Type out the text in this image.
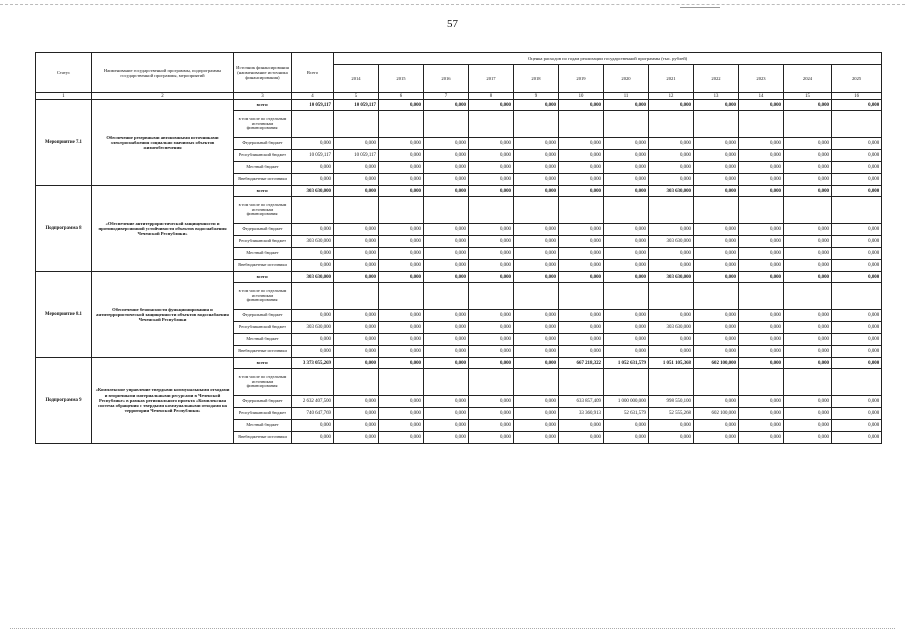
57
Статус	Наименование государственной программы, подпрограммы государственной программы, мероприятий	Источник финансирования (наименование источника финансирования)	Всего	Оценка расходов по годам реализации государственной программы (тыс. рублей)											
				2014	2015	2016	2017	2018	2019	2020	2021	2022	2023	2024	2025
1	2	3	4	5	6	7	8	9	10	11	12	13	14	15	16
Мероприятие 7.1	Обеспечение резервными автономными источниками электроснабжения социально значимых объектов жизнеобеспечения	всего:	10 059,117	10 059,117	0,000	0,000	0,000	0,000	0,000	0,000	0,000	0,000	0,000	0,000	0,000
		в том числе по отдельным источникам финансирования:													
		Федеральный бюджет	0,000	0,000	0,000	0,000	0,000	0,000	0,000	0,000	0,000	0,000	0,000	0,000	0,000
		Республиканский бюджет	10 059,117	10 059,117	0,000	0,000	0,000	0,000	0,000	0,000	0,000	0,000	0,000	0,000	0,000
		Местный бюджет	0,000	0,000	0,000	0,000	0,000	0,000	0,000	0,000	0,000	0,000	0,000	0,000	0,000
		Внебюджетные источники	0,000	0,000	0,000	0,000	0,000	0,000	0,000	0,000	0,000	0,000	0,000	0,000	0,000
Подпрограмма 8	«Обеспечение антитеррористической защищенности и противодиверсионной устойчивости объектов водоснабжения Чеченской Республики»	всего:	303 630,000	0,000	0,000	0,000	0,000	0,000	0,000	0,000	303 630,000	0,000	0,000	0,000	0,000
		в том числе по отдельным источникам финансирования:													
		Федеральный бюджет	0,000	0,000	0,000	0,000	0,000	0,000	0,000	0,000	0,000	0,000	0,000	0,000	0,000
		Республиканский бюджет	303 630,000	0,000	0,000	0,000	0,000	0,000	0,000	0,000	303 630,000	0,000	0,000	0,000	0,000
		Местный бюджет	0,000	0,000	0,000	0,000	0,000	0,000	0,000	0,000	0,000	0,000	0,000	0,000	0,000
		Внебюджетные источники	0,000	0,000	0,000	0,000	0,000	0,000	0,000	0,000	0,000	0,000	0,000	0,000	0,000
Мероприятие 8.1	Обеспечение безопасности функционирования и антитеррористической защищенности объектов водоснабжения Чеченской Республики	всего:	303 630,000	0,000	0,000	0,000	0,000	0,000	0,000	0,000	303 630,000	0,000	0,000	0,000	0,000
		в том числе по отдельным источникам финансирования:													
		Федеральный бюджет	0,000	0,000	0,000	0,000	0,000	0,000	0,000	0,000	0,000	0,000	0,000	0,000	0,000
		Республиканский бюджет	303 630,000	0,000	0,000	0,000	0,000	0,000	0,000	0,000	303 630,000	0,000	0,000	0,000	0,000
		Местный бюджет	0,000	0,000	0,000	0,000	0,000	0,000	0,000	0,000	0,000	0,000	0,000	0,000	0,000
		Внебюджетные источники	0,000	0,000	0,000	0,000	0,000	0,000	0,000	0,000	0,000	0,000	0,000	0,000	0,000
Подпрограмма 9	«Комплексное управление твердыми коммунальными отходами и вторичными материальными ресурсами в Чеченской Республике» в рамках регионального проекта «Комплексная система обращения с твердыми коммунальными отходами на территории Чеченской Республики»	всего:	3 373 055,269	0,000	0,000	0,000	0,000	0,000	667 218,322	1 052 631,579	1 051 105,368	602 100,000	0,000	0,000	0,000
		в том числе по отдельным источникам финансирования:													
		Федеральный бюджет	2 632 407,500	0,000	0,000	0,000	0,000	0,000	633 857,409	1 000 000,000	998 550,100	0,000	0,000	0,000	0,000
		Республиканский бюджет	740 647,769	0,000	0,000	0,000	0,000	0,000	33 360,913	52 631,579	52 555,268	602 100,000	0,000	0,000	0,000
		Местный бюджет	0,000	0,000	0,000	0,000	0,000	0,000	0,000	0,000	0,000	0,000	0,000	0,000	0,000
		Внебюджетные источники	0,000	0,000	0,000	0,000	0,000	0,000	0,000	0,000	0,000	0,000	0,000	0,000	0,000
